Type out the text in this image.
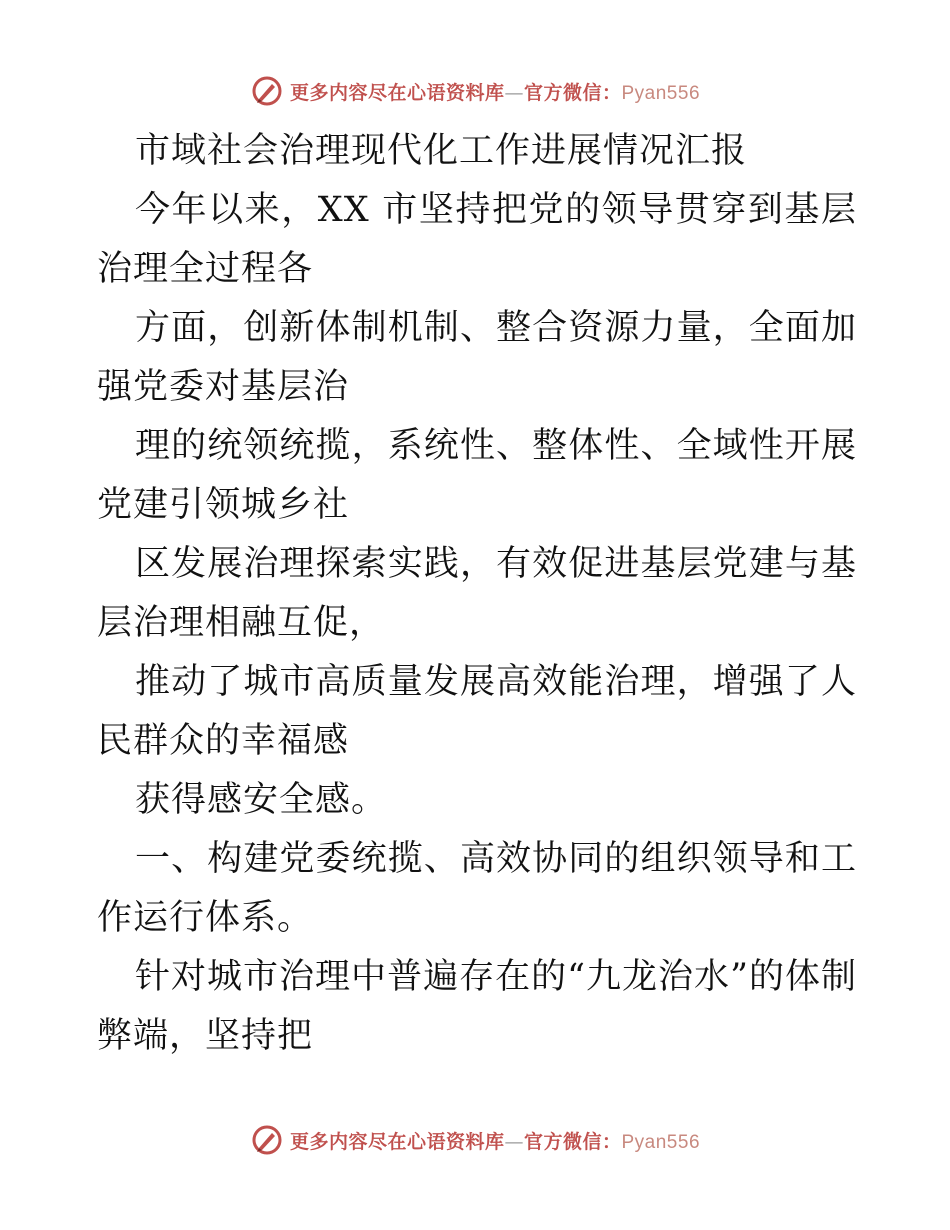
更多内容尽在心语资料库—官方微信：Pyan556

市域社会治理现代化工作进展情况汇报

今年以来，XX 市坚持把党的领导贯穿到基层治理全过程各

方面，创新体制机制、整合资源力量，全面加强党委对基层治

理的统领统揽，系统性、整体性、全域性开展党建引领城乡社

区发展治理探索实践，有效促进基层党建与基层治理相融互促，

推动了城市高质量发展高效能治理，增强了人民群众的幸福感

获得感安全感。

一、构建党委统揽、高效协同的组织领导和工作运行体系。

针对城市治理中普遍存在的“九龙治水”的体制弊端，坚持把

更多内容尽在心语资料库—官方微信：Pyan556
